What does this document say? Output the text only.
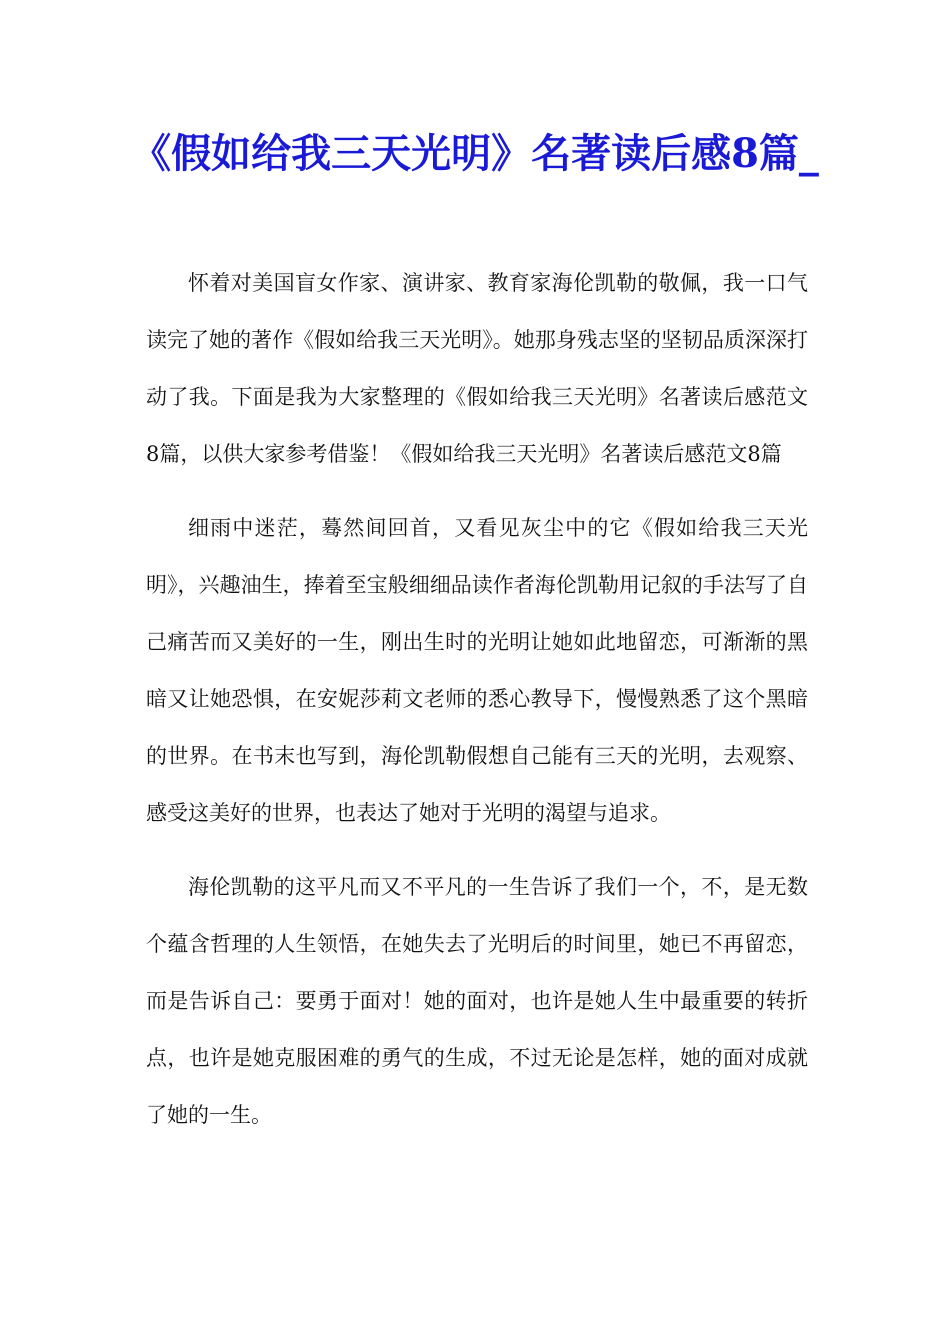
《假如给我三天光明》名著读后感8篇_

怀着对美国盲女作家、演讲家、教育家海伦凯勒的敬佩，我一口气读完了她的著作《假如给我三天光明》。她那身残志坚的坚韧品质深深打动了我。下面是我为大家整理的《假如给我三天光明》名著读后感范文8篇，以供大家参考借鉴！《假如给我三天光明》名著读后感范文8篇

细雨中迷茫，蓦然间回首，又看见灰尘中的它《假如给我三天光明》，兴趣油生，捧着至宝般细细品读作者海伦凯勒用记叙的手法写了自己痛苦而又美好的一生，刚出生时的光明让她如此地留恋，可渐渐的黑暗又让她恐惧，在安妮莎莉文老师的悉心教导下，慢慢熟悉了这个黑暗的世界。在书末也写到，海伦凯勒假想自己能有三天的光明，去观察、感受这美好的世界，也表达了她对于光明的渴望与追求。

海伦凯勒的这平凡而又不平凡的一生告诉了我们一个，不，是无数个蕴含哲理的人生领悟，在她失去了光明后的时间里，她已不再留恋，而是告诉自己：要勇于面对！她的面对，也许是她人生中最重要的转折点，也许是她克服困难的勇气的生成，不过无论是怎样，她的面对成就了她的一生。
